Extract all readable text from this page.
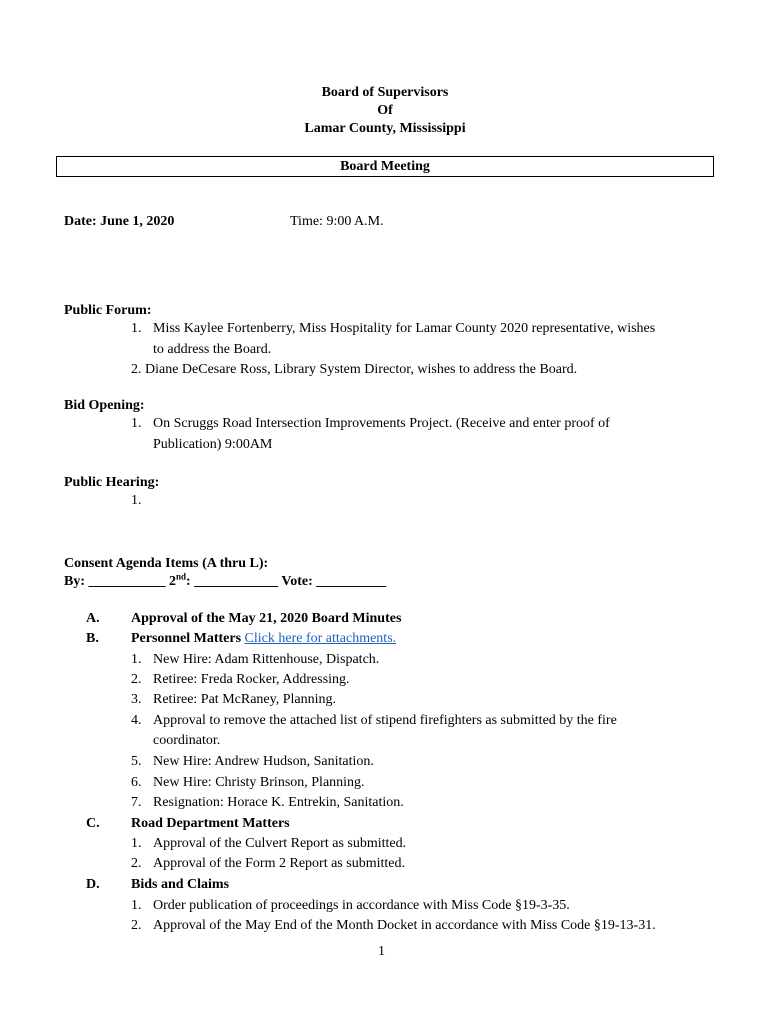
Board of Supervisors
Of
Lamar County, Mississippi
Board Meeting
Date: June 1, 2020	Time: 9:00 A.M.
Public Forum:
1. Miss Kaylee Fortenberry, Miss Hospitality for Lamar County 2020 representative, wishes
to address the Board.
2. Diane DeCesare Ross, Library System Director, wishes to address the Board.
Bid Opening:
1. On Scruggs Road Intersection Improvements Project. (Receive and enter proof of
Publication) 9:00AM
Public Hearing:
1.
Consent Agenda Items (A thru L):
By: ___________ 2nd: ____________ Vote: __________
A. Approval of the May 21, 2020 Board Minutes
B. Personnel Matters Click here for attachments.
1. New Hire: Adam Rittenhouse, Dispatch.
2. Retiree: Freda Rocker, Addressing.
3. Retiree: Pat McRaney, Planning.
4. Approval to remove the attached list of stipend firefighters as submitted by the fire
coordinator.
5. New Hire: Andrew Hudson, Sanitation.
6. New Hire: Christy Brinson, Planning.
7. Resignation: Horace K. Entrekin, Sanitation.
C. Road Department Matters
1. Approval of the Culvert Report as submitted.
2. Approval of the Form 2 Report as submitted.
D. Bids and Claims
1. Order publication of proceedings in accordance with Miss Code §19-3-35.
2. Approval of the May End of the Month Docket in accordance with Miss Code §19-13-31.
1
